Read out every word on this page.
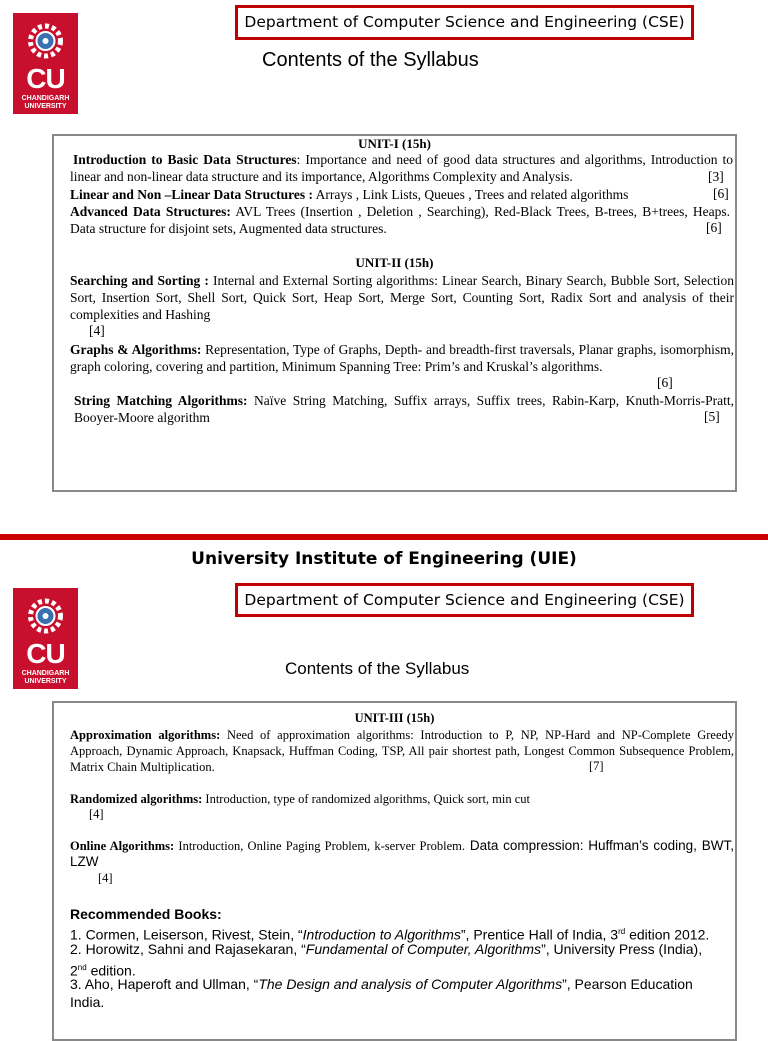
CU
CHANDIGARH
UNIVERSITY
Department of Computer Science and Engineering (CSE)
Contents of the Syllabus
UNIT-I (15h)
Introduction to Basic Data Structures: Importance and need of good data structures and algorithms, Introduction to linear and non-linear data structure and its importance, Algorithms Complexity and Analysis.	[3]
Linear and Non –Linear Data Structures : Arrays , Link Lists, Queues , Trees and related algorithms	[6]
Advanced Data Structures: AVL Trees (Insertion , Deletion , Searching), Red-Black Trees, B-trees, B+trees, Heaps. Data structure for disjoint sets, Augmented data structures.	[6]
UNIT-II (15h)
Searching and Sorting : Internal and External Sorting algorithms: Linear Search, Binary Search, Bubble Sort, Selection Sort, Insertion Sort, Shell Sort, Quick Sort, Heap Sort, Merge Sort, Counting Sort, Radix Sort and analysis of their complexities and Hashing
[4]
Graphs & Algorithms: Representation, Type of Graphs, Depth- and breadth-first traversals, Planar graphs, isomorphism, graph coloring, covering and partition, Minimum Spanning Tree: Prim’s and Kruskal’s algorithms.
[6]
String Matching Algorithms: Naïve String Matching, Suffix arrays, Suffix trees, Rabin-Karp, Knuth-Morris-Pratt, Booyer-Moore algorithm	[5]
University Institute of Engineering (UIE)
CU
CHANDIGARH
UNIVERSITY
Department of Computer Science and Engineering (CSE)
Contents of the Syllabus
UNIT-III (15h)
Approximation algorithms: Need of approximation algorithms: Introduction to P, NP, NP-Hard and NP-Complete Greedy Approach, Dynamic Approach, Knapsack, Huffman Coding, TSP, All pair shortest path, Longest Common Subsequence Problem, Matrix Chain Multiplication.	[7]
Randomized algorithms: Introduction, type of randomized algorithms, Quick sort, min cut
[4]
Online Algorithms: Introduction, Online Paging Problem, k-server Problem. Data compression: Huffman’s coding, BWT, LZW
[4]
Recommended Books:
1. Cormen, Leiserson, Rivest, Stein, “Introduction to Algorithms”, Prentice Hall of India, 3rd edition 2012.
2. Horowitz, Sahni and Rajasekaran, “Fundamental of Computer, Algorithms”, University Press (India), 2nd edition.
3. Aho, Haperoft and Ullman, “The Design and analysis of Computer Algorithms”, Pearson Education India.
